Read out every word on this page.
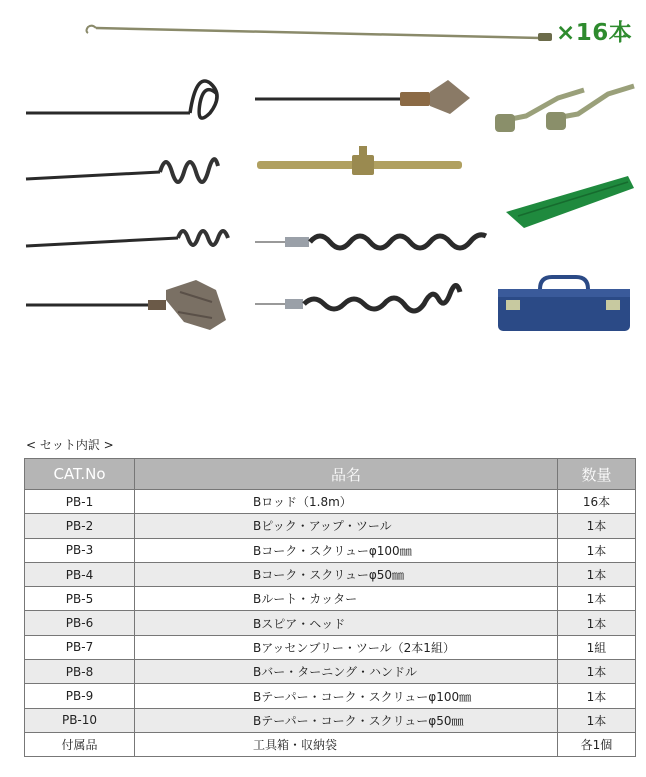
×16本
< セット内訳 >
CAT.No	品名	数量
PB-1	Bロッド（1.8m）	16本
PB-2	Bピック・アップ・ツール	1本
PB-3	Bコーク・スクリューφ100㎜	1本
PB-4	Bコーク・スクリューφ50㎜	1本
PB-5	Bルート・カッター	1本
PB-6	Bスピア・ヘッド	1本
PB-7	Bアッセンブリー・ツール（2本1組）	1組
PB-8	Bバー・ターニング・ハンドル	1本
PB-9	Bテーパー・コーク・スクリューφ100㎜	1本
PB-10	Bテーパー・コーク・スクリューφ50㎜	1本
付属品	工具箱・収納袋	各1個
